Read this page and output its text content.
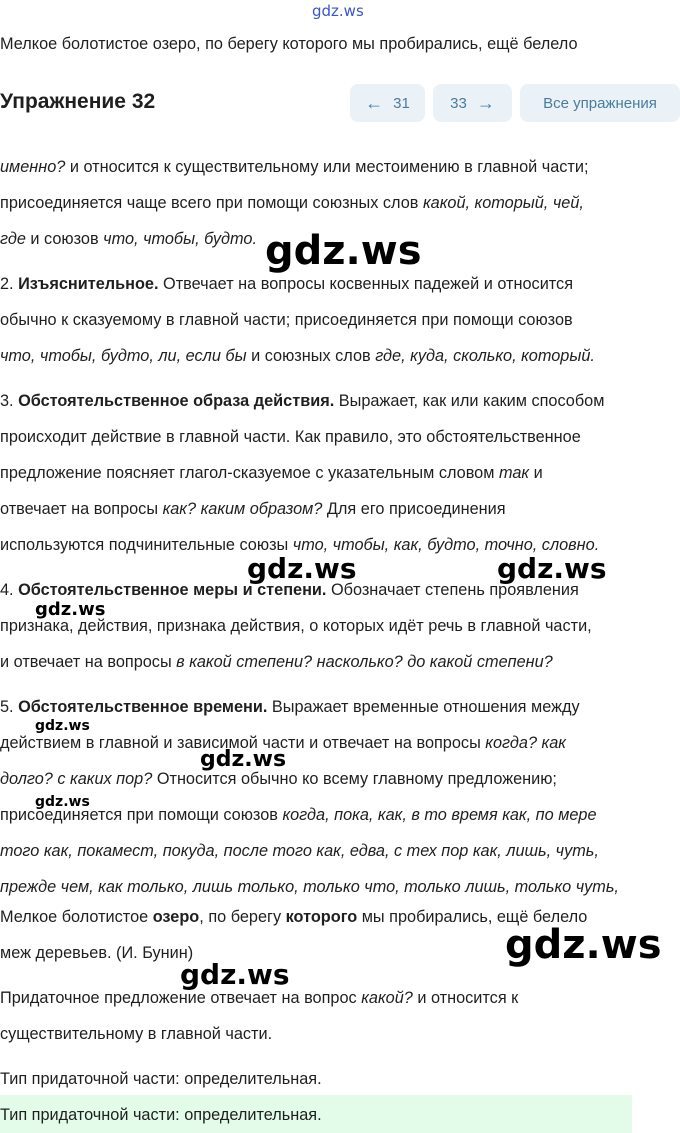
gdz.ws
Мелкое болотистое озеро, по берегу которого мы пробирались, ещё белело
Упражнение 32	← 31	33 →	Все упражнения
именно? и относится к существительному или местоимению в главной части;
присоединяется чаще всего при помощи союзных слов какой, который, чей,
где и союзов что, чтобы, будто.
2. Изъяснительное. Отвечает на вопросы косвенных падежей и относится
обычно к сказуемому в главной части; присоединяется при помощи союзов
что, чтобы, будто, ли, если бы и союзных слов где, куда, сколько, который.
3. Обстоятельственное образа действия. Выражает, как или каким способом
происходит действие в главной части. Как правило, это обстоятельственное
предложение поясняет глагол-сказуемое с указательным словом так и
отвечает на вопросы как? каким образом? Для его присоединения
используются подчинительные союзы что, чтобы, как, будто, точно, словно.
4. Обстоятельственное меры и степени. Обозначает степень проявления
признака, действия, признака действия, о которых идёт речь в главной части,
и отвечает на вопросы в какой степени? насколько? до какой степени?
5. Обстоятельственное времени. Выражает временные отношения между
действием в главной и зависимой части и отвечает на вопросы когда? как
долго? с каких пор? Относится обычно ко всему главному предложению;
присоединяется при помощи союзов когда, пока, как, в то время как, по мере
того как, покамест, покуда, после того как, едва, с тех пор как, лишь, чуть,
прежде чем, как только, лишь только, только что, только лишь, только чуть,
Мелкое болотистое озеро, по берегу которого мы пробирались, ещё белело
меж деревьев. (И. Бунин)
Придаточное предложение отвечает на вопрос какой? и относится к
существительному в главной части.
Тип придаточной части: определительная.
Тип придаточной части: определительная.
gdz.ws
gdz.ws	gdz.ws
gdz.ws
gdz.ws
gdz.ws
gdz.ws
gdz.ws
gdz.ws
